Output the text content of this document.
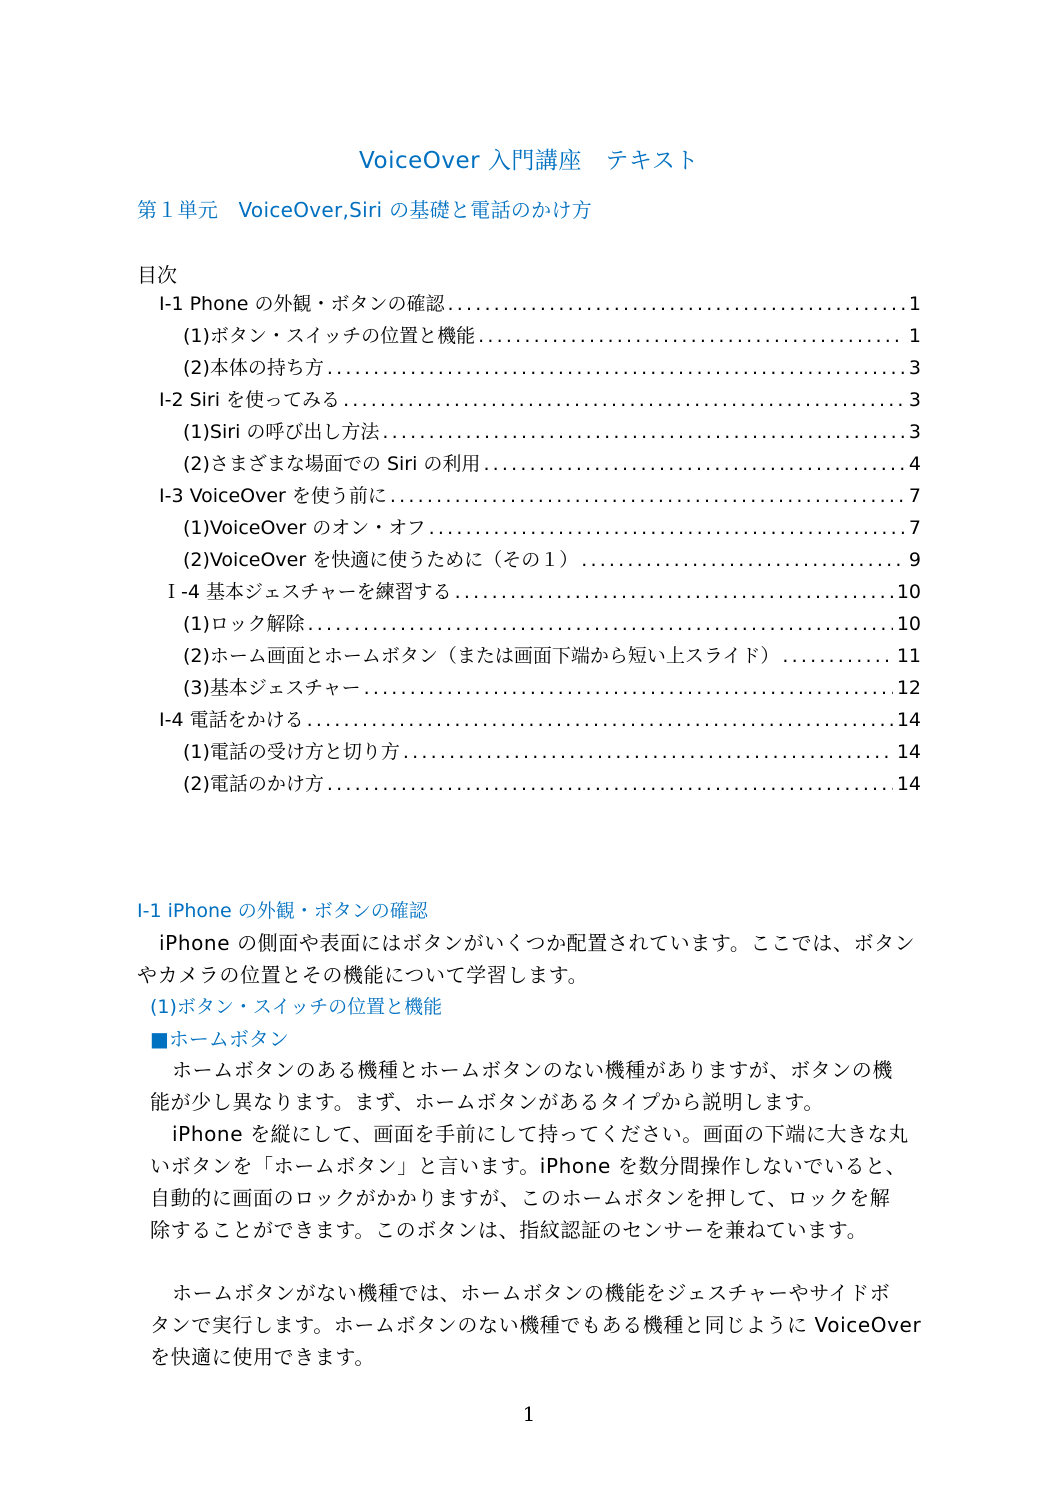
VoiceOver 入門講座　テキスト
第１単元　VoiceOver,Siri の基礎と電話のかけ方
目次
I-1 Phone の外観・ボタンの確認 .....	1
(1)ボタン・スイッチの位置と機能 .....	1
(2)本体の持ち方 .....	3
I-2 Siri を使ってみる .....	3
(1)Siri の呼び出し方法 .....	3
(2)さまざまな場面での Siri の利用 .....	4
I-3 VoiceOver を使う前に .....	7
(1)VoiceOver のオン・オフ .....	7
(2)VoiceOver を快適に使うために（その１） .....	9
Ｉ-4 基本ジェスチャーを練習する .....	10
(1)ロック解除 .....	10
(2)ホーム画面とホームボタン（または画面下端から短い上スライド） .....	11
(3)基本ジェスチャー .....	12
I-4 電話をかける .....	14
(1)電話の受け方と切り方 .....	14
(2)電話のかけ方 .....	14
I-1 iPhone の外観・ボタンの確認
iPhone の側面や表面にはボタンがいくつか配置されています。ここでは、ボタン
やカメラの位置とその機能について学習します。
(1)ボタン・スイッチの位置と機能
■ホームボタン
ホームボタンのある機種とホームボタンのない機種がありますが、ボタンの機
能が少し異なります。まず、ホームボタンがあるタイプから説明します。
iPhone を縦にして、画面を手前にして持ってください。画面の下端に大きな丸
いボタンを「ホームボタン」と言います。iPhone を数分間操作しないでいると、
自動的に画面のロックがかかりますが、このホームボタンを押して、ロックを解
除することができます。このボタンは、指紋認証のセンサーを兼ねています。
ホームボタンがない機種では、ホームボタンの機能をジェスチャーやサイドボ
タンで実行します。ホームボタンのない機種でもある機種と同じように VoiceOver
を快適に使用できます。
1
